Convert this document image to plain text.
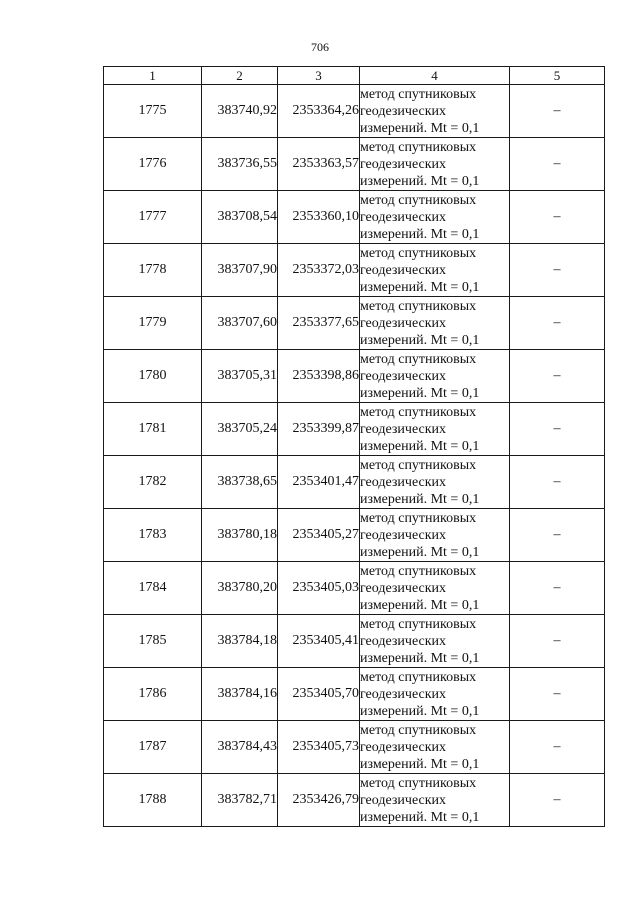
706
1	2	3	4	5
1775	383740,92	2353364,26	метод спутниковых
геодезических
измерений. Mt = 0,1	–
1776	383736,55	2353363,57	метод спутниковых
геодезических
измерений. Mt = 0,1	–
1777	383708,54	2353360,10	метод спутниковых
геодезических
измерений. Mt = 0,1	–
1778	383707,90	2353372,03	метод спутниковых
геодезических
измерений. Mt = 0,1	–
1779	383707,60	2353377,65	метод спутниковых
геодезических
измерений. Mt = 0,1	–
1780	383705,31	2353398,86	метод спутниковых
геодезических
измерений. Mt = 0,1	–
1781	383705,24	2353399,87	метод спутниковых
геодезических
измерений. Mt = 0,1	–
1782	383738,65	2353401,47	метод спутниковых
геодезических
измерений. Mt = 0,1	–
1783	383780,18	2353405,27	метод спутниковых
геодезических
измерений. Mt = 0,1	–
1784	383780,20	2353405,03	метод спутниковых
геодезических
измерений. Mt = 0,1	–
1785	383784,18	2353405,41	метод спутниковых
геодезических
измерений. Mt = 0,1	–
1786	383784,16	2353405,70	метод спутниковых
геодезических
измерений. Mt = 0,1	–
1787	383784,43	2353405,73	метод спутниковых
геодезических
измерений. Mt = 0,1	–
1788	383782,71	2353426,79	метод спутниковых
геодезических
измерений. Mt = 0,1	–
